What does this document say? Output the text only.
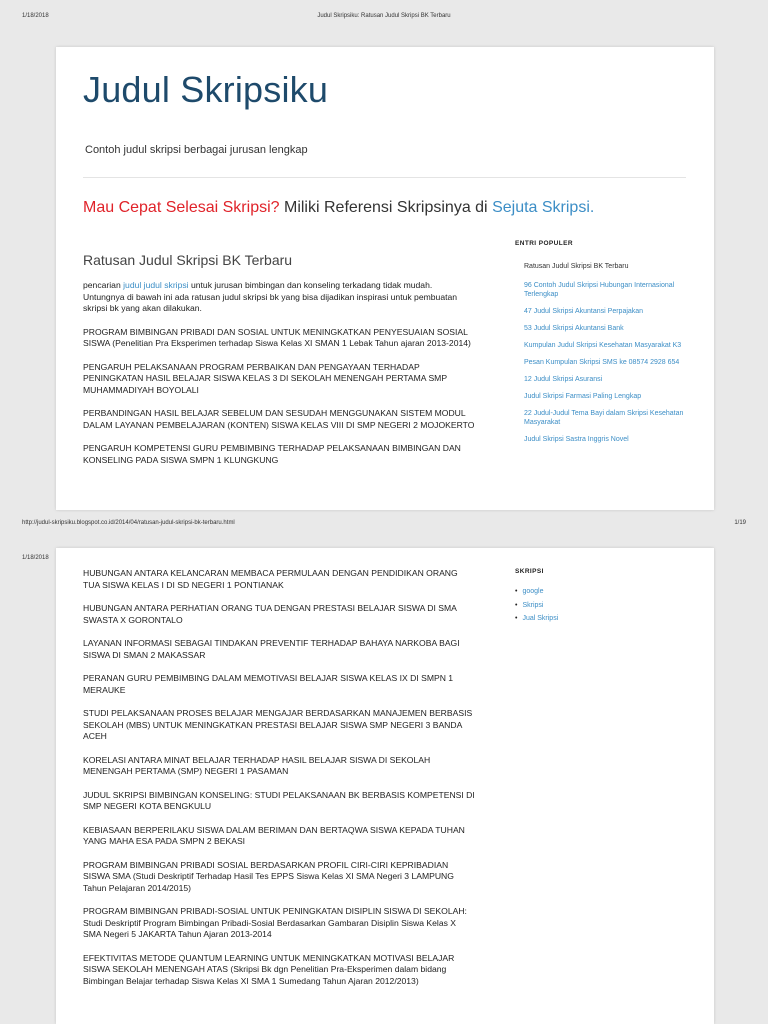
1/18/2018	Judul Skripsiku: Ratusan Judul Skripsi BK Terbaru
Judul Skripsiku
Contoh judul skripsi berbagai jurusan lengkap
Mau Cepat Selesai Skripsi? Miliki Referensi Skripsinya di Sejuta Skripsi.
Ratusan Judul Skripsi BK Terbaru
pencarian judul judul skripsi untuk jurusan bimbingan dan konseling terkadang tidak mudah. Untungnya di bawah ini ada ratusan judul skripsi bk yang bisa dijadikan inspirasi untuk pembuatan skripsi bk yang akan dilakukan.
PROGRAM BIMBINGAN PRIBADI DAN SOSIAL UNTUK MENINGKATKAN PENYESUAIAN SOSIAL SISWA (Penelitian Pra Eksperimen terhadap Siswa Kelas XI SMAN 1 Lebak Tahun ajaran 2013-2014)
PENGARUH PELAKSANAAN PROGRAM PERBAIKAN DAN PENGAYAAN TERHADAP PENINGKATAN HASIL BELAJAR SISWA KELAS 3 DI SEKOLAH MENENGAH PERTAMA SMP MUHAMMADIYAH BOYOLALI
PERBANDINGAN HASIL BELAJAR SEBELUM DAN SESUDAH MENGGUNAKAN SISTEM MODUL DALAM LAYANAN PEMBELAJARAN (KONTEN) SISWA KELAS VIII DI SMP NEGERI 2 MOJOKERTO
PENGARUH KOMPETENSI GURU PEMBIMBING TERHADAP PELAKSANAAN BIMBINGAN DAN KONSELING PADA SISWA SMPN 1 KLUNGKUNG
ENTRI POPULER
Ratusan Judul Skripsi BK Terbaru
96 Contoh Judul Skripsi Hubungan Internasional Terlengkap
47 Judul Skripsi Akuntansi Perpajakan
53 Judul Skripsi Akuntansi Bank
Kumpulan Judul Skripsi Kesehatan Masyarakat K3
Pesan Kumpulan Skripsi SMS ke 08574 2928 654
12 Judul Skripsi Asuransi
Judul Skripsi Farmasi Paling Lengkap
22 Judul-Judul Tema Bayi dalam Skripsi Kesehatan Masyarakat
Judul Skripsi Sastra Inggris Novel
http://judul-skripsiku.blogspot.co.id/2014/04/ratusan-judul-skripsi-bk-terbaru.html	1/19
1/18/2018
HUBUNGAN ANTARA KELANCARAN MEMBACA PERMULAAN DENGAN PENDIDIKAN ORANG TUA SISWA KELAS I DI SD NEGERI 1 PONTIANAK
HUBUNGAN ANTARA PERHATIAN ORANG TUA DENGAN PRESTASI BELAJAR SISWA DI SMA SWASTA X GORONTALO
LAYANAN INFORMASI SEBAGAI TINDAKAN PREVENTIF TERHADAP BAHAYA NARKOBA BAGI SISWA DI SMAN 2 MAKASSAR
PERANAN GURU PEMBIMBING DALAM MEMOTIVASI BELAJAR SISWA KELAS IX DI SMPN 1 MERAUKE
STUDI PELAKSANAAN PROSES BELAJAR MENGAJAR BERDASARKAN MANAJEMEN BERBASIS SEKOLAH (MBS) UNTUK MENINGKATKAN PRESTASI BELAJAR SISWA SMP NEGERI 3 BANDA ACEH
KORELASI ANTARA MINAT BELAJAR TERHADAP HASIL BELAJAR SISWA DI SEKOLAH MENENGAH PERTAMA (SMP) NEGERI 1 PASAMAN
JUDUL SKRIPSI BIMBINGAN KONSELING: STUDI PELAKSANAAN BK BERBASIS KOMPETENSI DI SMP NEGERI KOTA BENGKULU
KEBIASAAN BERPERILAKU SISWA DALAM BERIMAN DAN BERTAQWA SISWA KEPADA TUHAN YANG MAHA ESA PADA SMPN 2 BEKASI
PROGRAM BIMBINGAN PRIBADI SOSIAL BERDASARKAN PROFIL CIRI-CIRI KEPRIBADIAN SISWA SMA (Studi Deskriptif Terhadap Hasil Tes EPPS Siswa Kelas XI SMA Negeri 3 LAMPUNG Tahun Pelajaran 2014/2015)
PROGRAM BIMBINGAN PRIBADI-SOSIAL UNTUK PENINGKATAN DISIPLIN SISWA DI SEKOLAH: Studi Deskriptif Program Bimbingan Pribadi-Sosial Berdasarkan Gambaran Disiplin Siswa Kelas X SMA Negeri 5 JAKARTA Tahun Ajaran 2013-2014
EFEKTIVITAS METODE QUANTUM LEARNING UNTUK MENINGKATKAN MOTIVASI BELAJAR SISWA SEKOLAH MENENGAH ATAS (Skripsi Bk dgn Penelitian Pra-Eksperimen dalam bidang Bimbingan Belajar terhadap Siswa Kelas XI SMA 1 Sumedang Tahun Ajaran 2012/2013)
SKRIPSI
• google
• Skripsi
• Jual Skripsi
